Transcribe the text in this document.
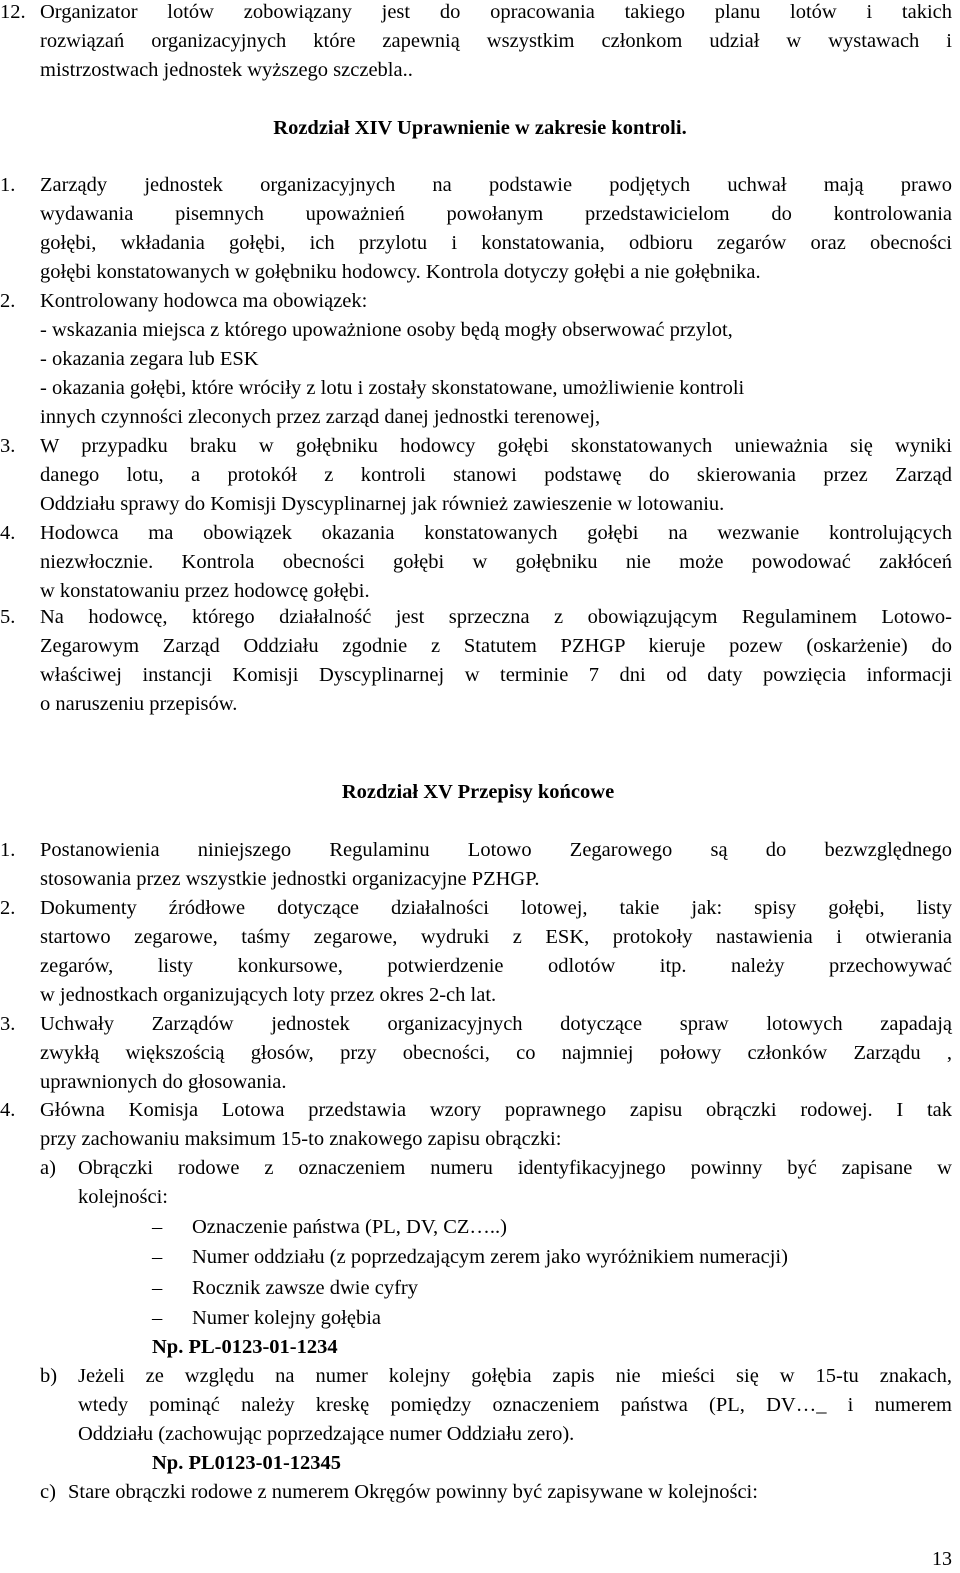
12. Organizator lotów zobowiązany jest do opracowania takiego planu lotów i takich
rozwiązań organizacyjnych które zapewnią wszystkim członkom udział w wystawach i
mistrzostwach jednostek wyższego szczebla..
Rozdział XIV Uprawnienie w zakresie kontroli.
1.	Zarządy jednostek organizacyjnych na podstawie podjętych uchwał mają prawo
wydawania pisemnych upoważnień powołanym przedstawicielom do kontrolowania
gołębi, wkładania gołębi, ich przylotu i konstatowania, odbioru zegarów oraz obecności
gołębi konstatowanych w gołębniku hodowcy. Kontrola dotyczy gołębi a nie gołębnika.
2.	Kontrolowany hodowca ma obowiązek:
- wskazania miejsca z którego upoważnione osoby będą mogły obserwować przylot,
- okazania zegara lub ESK
- okazania gołębi, które wróciły z lotu i zostały skonstatowane, umożliwienie kontroli
innych czynności zleconych przez zarząd danej jednostki terenowej,
3.	W przypadku braku w gołębniku hodowcy gołębi skonstatowanych unieważnia się wyniki
danego lotu, a protokół z kontroli stanowi podstawę do skierowania przez Zarząd
Oddziału sprawy do Komisji Dyscyplinarnej jak również zawieszenie w lotowaniu.
4.	Hodowca ma obowiązek okazania konstatowanych gołębi na wezwanie kontrolujących
niezwłocznie. Kontrola obecności gołębi w gołębniku nie może powodować zakłóceń
w konstatowaniu przez hodowcę gołębi.
5.	Na hodowcę, którego działalność jest sprzeczna z obowiązującym Regulaminem Lotowo-
Zegarowym Zarząd Oddziału zgodnie z Statutem PZHGP kieruje pozew (oskarżenie) do
właściwej instancji Komisji Dyscyplinarnej w terminie 7 dni od daty powzięcia informacji
o naruszeniu przepisów.
Rozdział XV Przepisy końcowe
1.	Postanowienia niniejszego Regulaminu Lotowo Zegarowego są do bezwzględnego
stosowania przez wszystkie jednostki organizacyjne PZHGP.
2.	Dokumenty źródłowe dotyczące działalności lotowej, takie jak: spisy gołębi, listy
startowo zegarowe, taśmy zegarowe, wydruki z ESK, protokoły nastawienia i otwierania
zegarów, listy konkursowe, potwierdzenie odlotów itp. należy przechowywać
w jednostkach organizujących loty przez okres 2-ch lat.
3.	Uchwały Zarządów jednostek organizacyjnych dotyczące spraw lotowych zapadają
zwykłą większością głosów, przy obecności, co najmniej połowy członków Zarządu ,
uprawnionych do głosowania.
4.	Główna Komisja Lotowa przedstawia wzory poprawnego zapisu obrączki rodowej. I tak
przy zachowaniu maksimum 15-to znakowego zapisu obrączki:
a) Obrączki rodowe z oznaczeniem numeru identyfikacyjnego powinny być zapisane w
kolejności:
– Oznaczenie państwa (PL, DV, CZ…..)
– Numer oddziału (z poprzedzającym zerem jako wyróżnikiem numeracji)
– Rocznik zawsze dwie cyfry
– Numer kolejny gołębia
Np. PL-0123-01-1234
b) Jeżeli ze względu na numer kolejny gołębia zapis nie mieści się w 15-tu znakach,
wtedy pominąć należy kreskę pomiędzy oznaczeniem państwa (PL, DV…_ i numerem
Oddziału (zachowując poprzedzające numer Oddziału zero).
Np. PL0123-01-12345
c) Stare obrączki rodowe z numerem Okręgów powinny być zapisywane w kolejności:
13
